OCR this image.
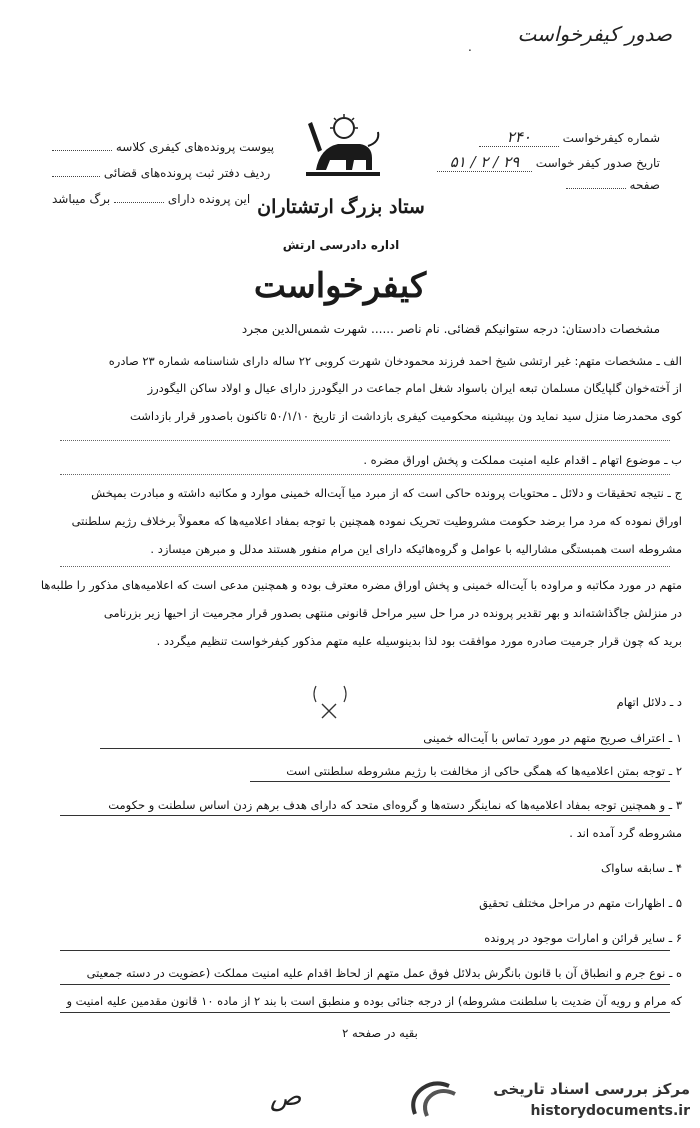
صدور کیفرخواست
.
ستاد بزرگ ارتشتاران
اداره دادرسی ارتش
کیفرخواست
شماره کیفرخواست ۲۴۰
تاریخ صدور کیفر خواست ۲۹ / ۲ / ۵۱
صفحه
پیوست پرونده‌های کیفری کلاسه
ردیف دفتر ثبت پرونده‌های قضائی
این پرونده دارای  برگ میباشد
مشخصات دادستان: درجه ستوانیکم قضائی. نام ناصر ...... شهرت شمس‌الدین مجرد
الف ـ مشخصات متهم: غیر ارتشی شیخ احمد فرزند محمودخان شهرت کروبی ۲۲ ساله دارای شناسنامه شماره ۲۳ صادره
از آخته‌خوان گلپایگان مسلمان تبعه ایران باسواد شغل امام جماعت در الیگودرز دارای عیال و اولاد ساکن الیگودرز
کوی محمدرضا منزل سید نماید ون بپیشینه محکومیت کیفری بازداشت از تاریخ ۵۰/۱/۱۰ تاکنون باصدور قرار بازداشت
ب ـ موضوع اتهام ـ اقدام علیه امنیت مملکت و پخش اوراق مضره .
ج ـ نتیجه تحقیقات و دلائل ـ محتویات پرونده حاکی است که از مبرد میا آیت‌اله خمینی موارد و مکاتبه داشته و مبادرت بمپخش
اوراق نموده که مرد مرا برضد حکومت مشروطیت تحریک نموده همچنین با توجه بمفاد اعلامیه‌ها که معمولاً برخلاف رژیم سلطنتی
مشروطه است همبستگی مشاراليه با عوامل و گروه‌هائیکه دارای این مرام منفور هستند مدلل و مبرهن میسازد .
متهم در مورد مکاتبه و مراوده با آیت‌اله خمینی و پخش اوراق مضره معترف بوده و همچنین مدعی است که اعلامیه‌های مذکور را طلبه‌ها
در منزلش جاگذاشته‌اند و بهر تقدیر پرونده در مرا حل سیر مراحل قانونی منتهی بصدور قرار مجرمیت از احیها زیر بزرنامی
برید که چون قرار جرمیت صادره مورد موافقت بود لذا بدینوسیله علیه متهم مذکور کیفرخواست تنظیم میگردد .
د ـ دلائل اتهام
۱ ـ اعتراف صریح متهم در مورد تماس با آیت‌اله خمینی
۲ ـ توجه بمتن اعلامیه‌ها که همگی حاکی از مخالفت با رژیم مشروطه سلطنتی است
۳ ـ و همچنین توجه بمفاد اعلامیه‌ها که نماینگر دسته‌ها و گروه‌ای متحد که دارای هدف برهم زدن اساس سلطنت و حکومت
مشروطه گرد آمده اند .
۴ ـ سابقه ساواک
۵ ـ اظهارات متهم در مراحل مختلف تحقیق
۶ ـ سایر قرائن و امارات موجود در پرونده
ه ـ نوع جرم و انطباق آن با قانون بانگرش بدلائل فوق عمل متهم از لحاظ اقدام علیه امنیت مملکت (عضویت در دسته جمعیتی
که مرام و رویه آن ضدیت با سلطنت مشروطه) از درجه جنائی بوده و منطبق است با بند ۲ از ماده ۱۰ قانون مقدمین علیه امنیت و
بقیه در صفحه ۲
ص	مرکز بررسی اسناد تاریخی
historydocuments.ir
